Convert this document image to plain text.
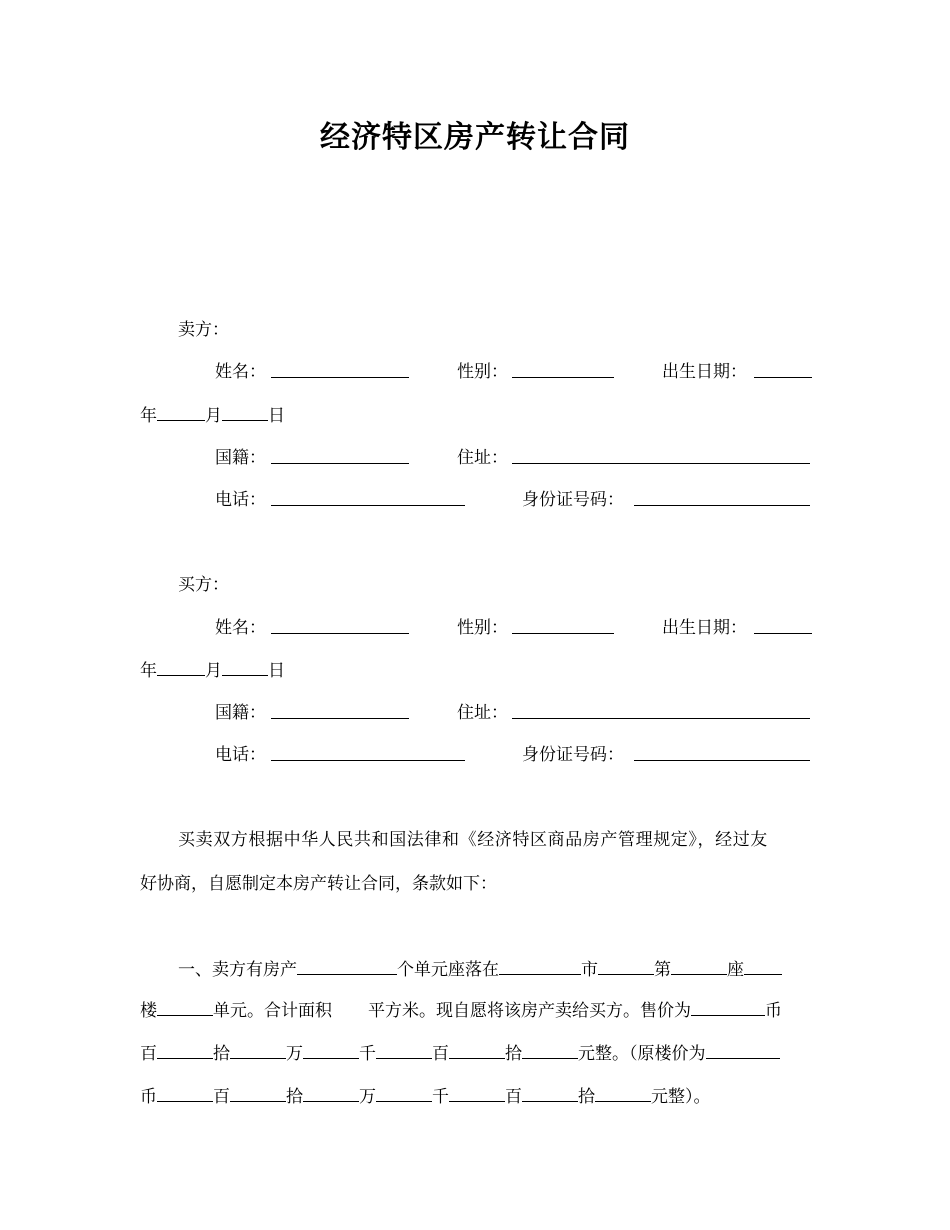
经济特区房产转让合同
卖方：
姓名：	性别：	出生日期：
年	月	日
国籍：	住址：
电话：	身份证号码：
买方：
姓名：	性别：	出生日期：
年	月	日
国籍：	住址：
电话：	身份证号码：
买卖双方根据中华人民共和国法律和《经济特区商品房产管理规定》，经过友
好协商，自愿制定本房产转让合同，条款如下：
一、卖方有房产	个单元座落在	市	第	座
楼	单元。合计面积 平方米。现自愿将该房产卖给买方。售价为	币
百	拾	万	千	百	拾	元整。（原楼价为
币	百	拾	万	千	百	拾	元整）。
